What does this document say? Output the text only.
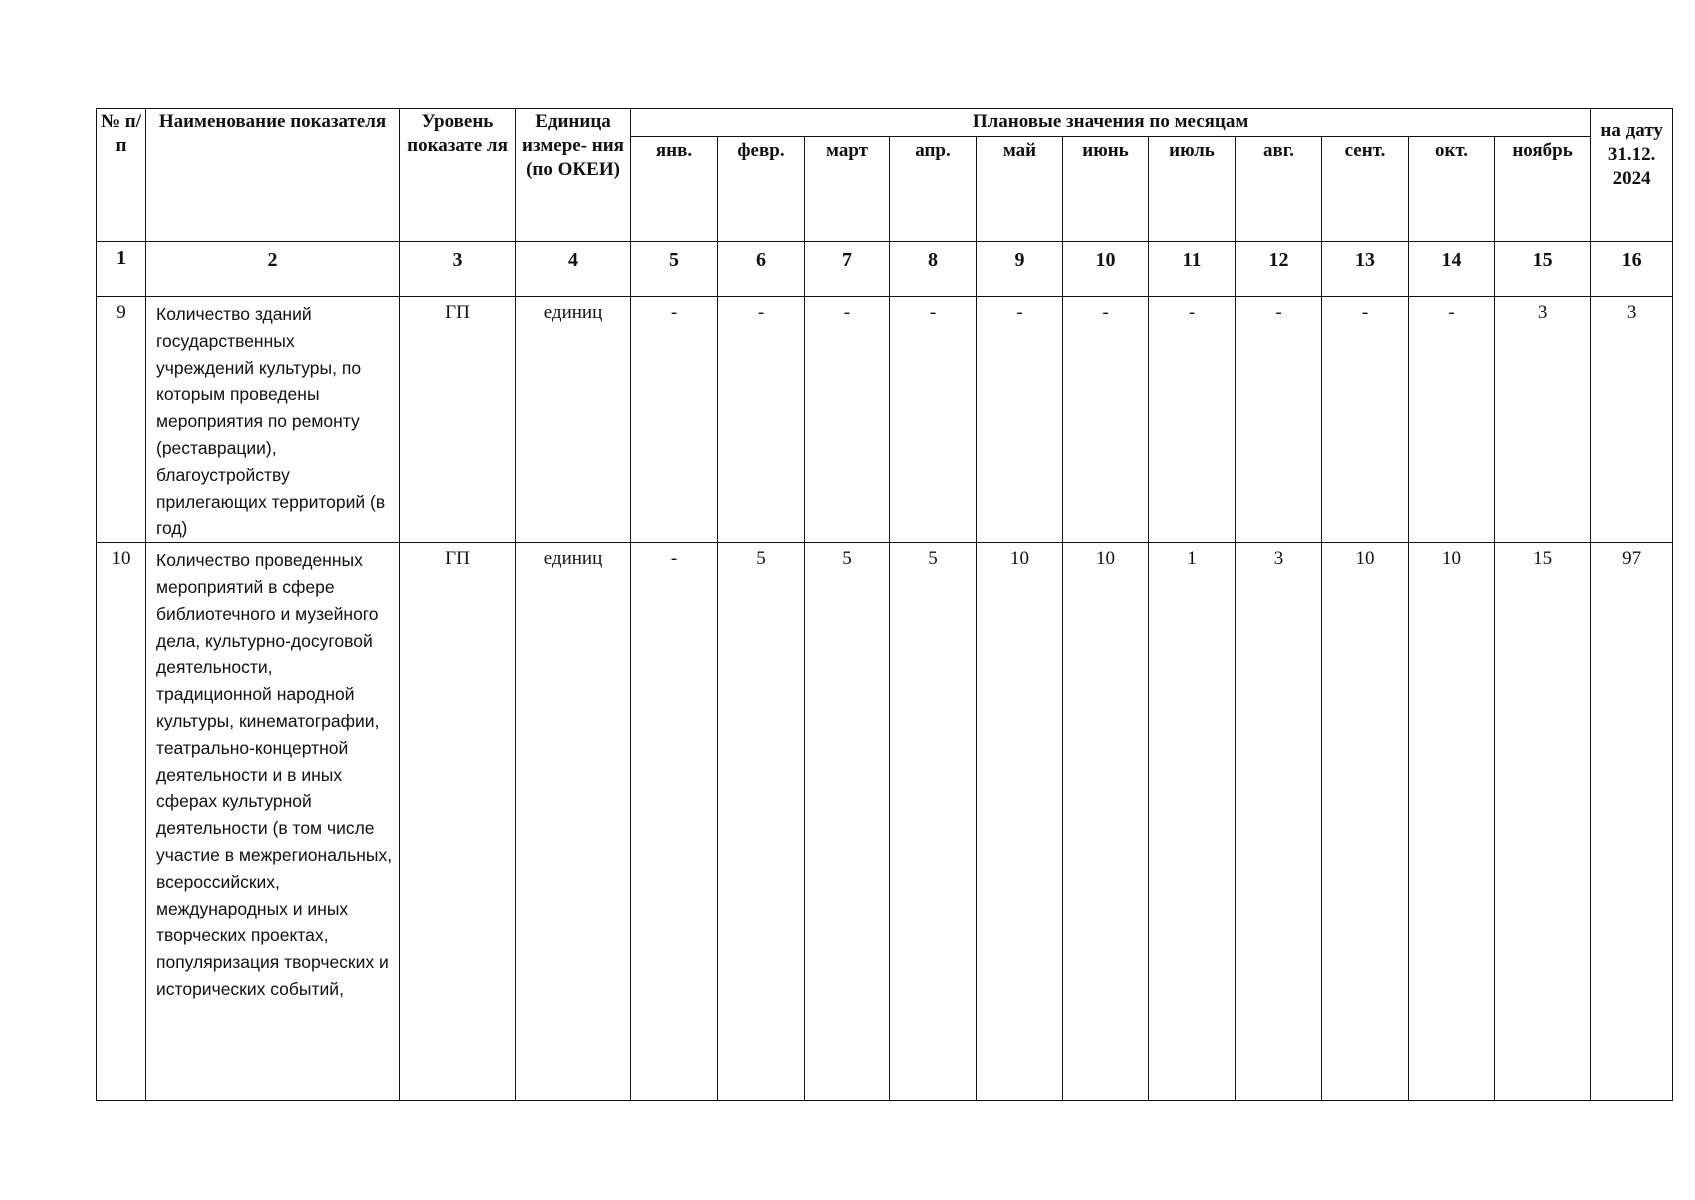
№ п/п	Наименование показателя	Уровень показате ля	Единица измере- ния (по ОКЕИ)	Плановые значения по месяцам											на дату 31.12. 2024

				янв.	февр.	март	апр.	май	июнь	июль	авг.	сент.	окт.	ноябрь	
1	2	3	4	5	6	7	8	9	10	11	12	13	14	15	16
9	Количество зданий государственных учреждений культуры, по которым проведены мероприятия по ремонту (реставрации), благоустройству прилегающих территорий (в год)	ГП	единиц	-	-	-	-	-	-	-	-	-	-	3	3
10	Количество проведенных мероприятий в сфере библиотечного и музейного дела, культурно-досуговой деятельности, традиционной народной культуры, кинематографии, театрально-концертной деятельности и в иных сферах культурной деятельности (в том числе участие в межрегиональных, всероссийских, международных и иных творческих проектах, популяризация творческих и исторических событий,	ГП	единиц	-	5	5	5	10	10	1	3	10	10	15	97
